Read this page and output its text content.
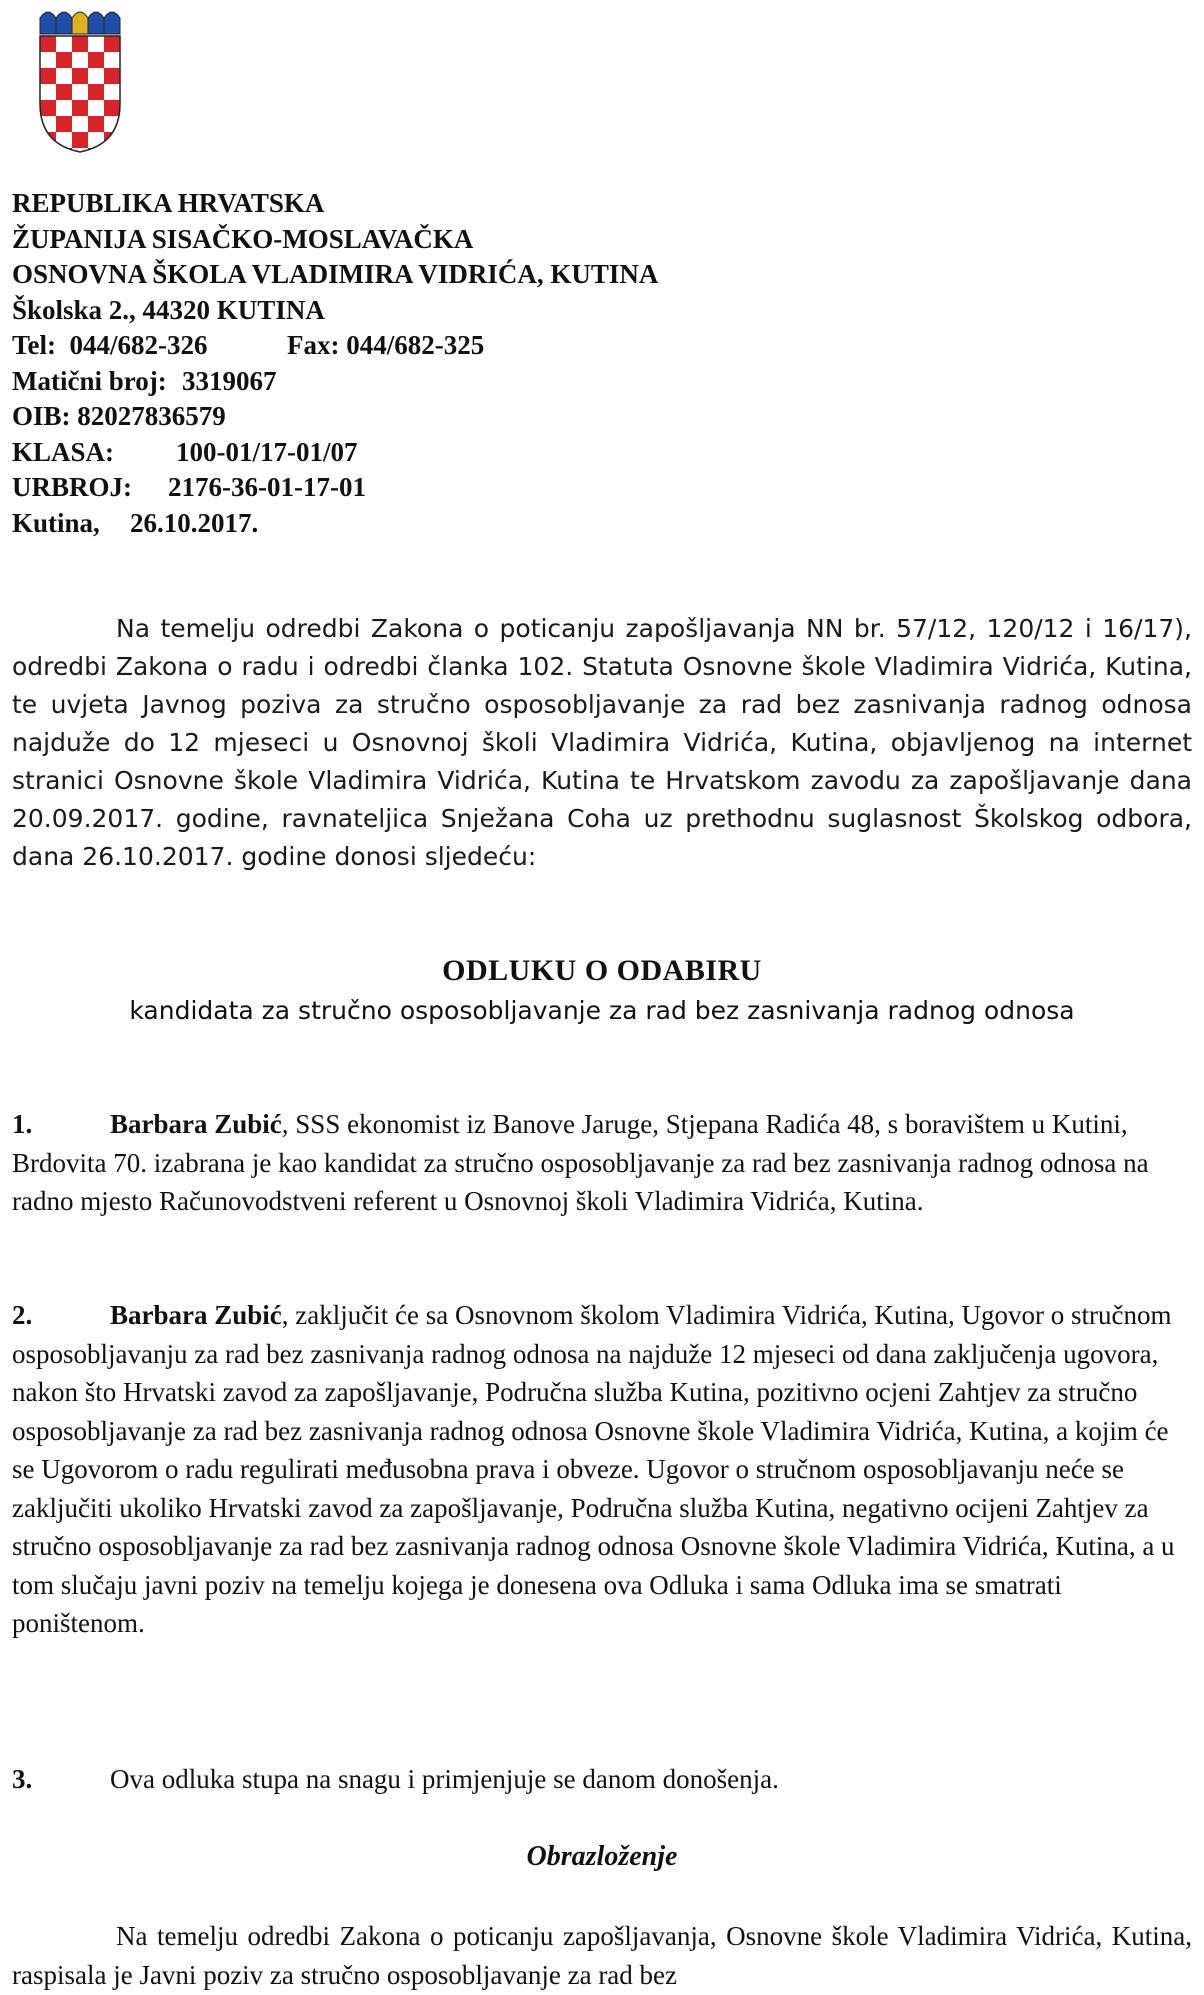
REPUBLIKA HRVATSKA
ŽUPANIJA SISAČKO-MOSLAVAČKA
OSNOVNA ŠKOLA VLADIMIRA VIDRIĆA, KUTINA
Školska 2., 44320 KUTINA
Tel: 044/682-326	Fax: 044/682-325
Matični broj: 3319067
OIB: 82027836579
KLASA: 100-01/17-01/07
URBROJ: 2176-36-01-17-01
Kutina, 26.10.2017.

Na temelju odredbi Zakona o poticanju zapošljavanja NN br. 57/12, 120/12 i 16/17), odredbi Zakona o radu i odredbi članka 102. Statuta Osnovne škole Vladimira Vidrića, Kutina, te uvjeta Javnog poziva za stručno osposobljavanje za rad bez zasnivanja radnog odnosa najduže do 12 mjeseci u Osnovnoj školi Vladimira Vidrića, Kutina, objavljenog na internet stranici Osnovne škole Vladimira Vidrića, Kutina te Hrvatskom zavodu za zapošljavanje dana 20.09.2017. godine, ravnateljica Snježana Coha uz prethodnu suglasnost Školskog odbora, dana 26.10.2017. godine donosi sljedeću:

ODLUKU O ODABIRU
kandidata za stručno osposobljavanje za rad bez zasnivanja radnog odnosa

1.	Barbara Zubić, SSS ekonomist iz Banove Jaruge, Stjepana Radića 48, s boravištem u Kutini, Brdovita 70. izabrana je kao kandidat za stručno osposobljavanje za rad bez zasnivanja radnog odnosa na radno mjesto Računovodstveni referent u Osnovnoj školi Vladimira Vidrića, Kutina.

2.	Barbara Zubić, zaključit će sa Osnovnom školom Vladimira Vidrića, Kutina, Ugovor o stručnom osposobljavanju za rad bez zasnivanja radnog odnosa na najduže 12 mjeseci od dana zaključenja ugovora, nakon što Hrvatski zavod za zapošljavanje, Područna služba Kutina, pozitivno ocjeni Zahtjev za stručno osposobljavanje za rad bez zasnivanja radnog odnosa Osnovne škole Vladimira Vidrića, Kutina, a kojim će se Ugovorom o radu regulirati međusobna prava i obveze. Ugovor o stručnom osposobljavanju neće se zaključiti ukoliko Hrvatski zavod za zapošljavanje, Područna služba Kutina, negativno ocijeni Zahtjev za stručno osposobljavanje za rad bez zasnivanja radnog odnosa Osnovne škole Vladimira Vidrića, Kutina, a u tom slučaju javni poziv na temelju kojega je donesena ova Odluka i sama Odluka ima se smatrati poništenom.

3.	Ova odluka stupa na snagu i primjenjuje se danom donošenja.

Obrazloženje

Na temelju odredbi Zakona o poticanju zapošljavanja, Osnovne škole Vladimira Vidrića, Kutina, raspisala je Javni poziv za stručno osposobljavanje za rad bez
